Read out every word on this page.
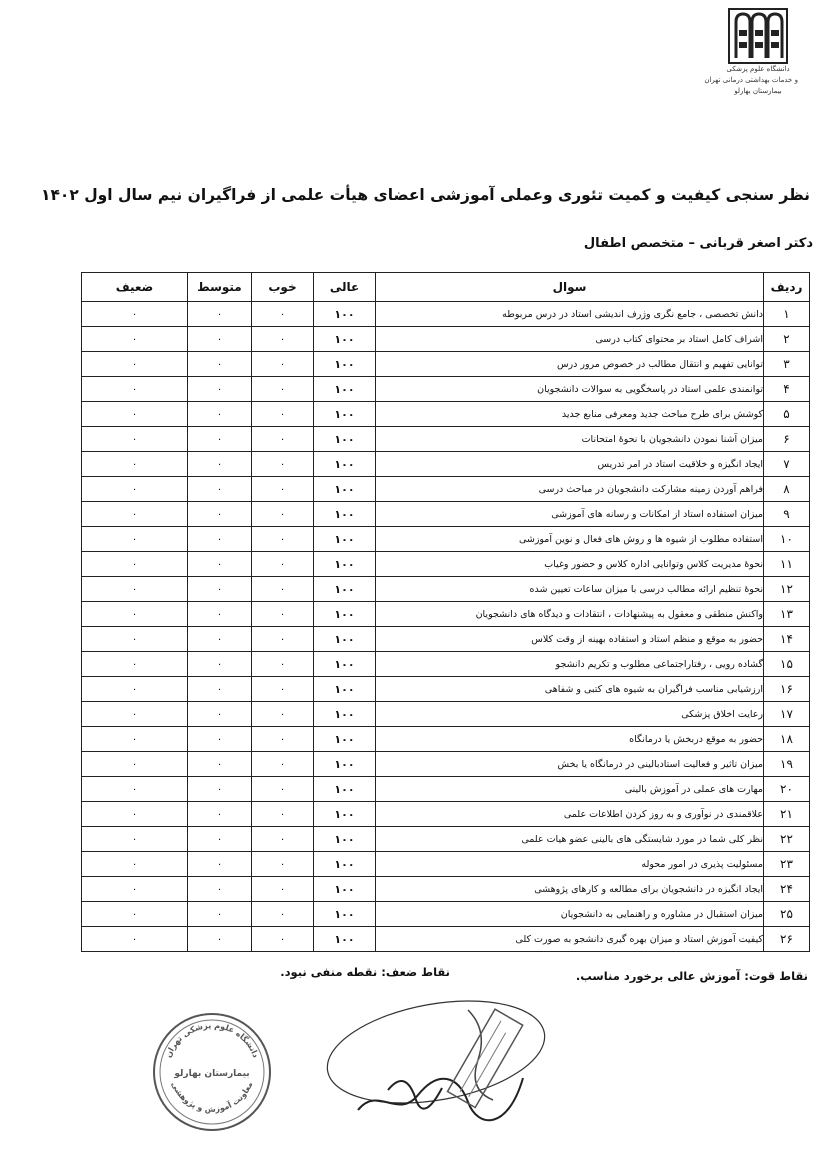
دانشگاه علوم پزشکی
و خدمات بهداشتی درمانی تهران
بیمارستان بهارلو
نظر سنجی کیفیت و کمیت تئوری وعملی آموزشی اعضای هیأت علمی از فراگیران نیم سال اول ۱۴۰۲
دکتر اصغر قربانی – متخصص اطفال
ردیف	سوال	عالی	خوب	متوسط	ضعیف
۱	دانش تخصصی ، جامع نگری وژرف اندیشی استاد در درس مربوطه	۱۰۰	۰	۰	۰
۲	اشراف کامل استاد بر محتوای کتاب درسی	۱۰۰	۰	۰	۰
۳	توانایی تفهیم و انتقال مطالب در خصوص مرور درس	۱۰۰	۰	۰	۰
۴	توانمندی علمی استاد در پاسخگویی به سوالات دانشجویان	۱۰۰	۰	۰	۰
۵	کوشش برای طرح مباحث جدید ومعرفی منابع جدید	۱۰۰	۰	۰	۰
۶	میزان آشنا نمودن دانشجویان با نحوۀ امتحانات	۱۰۰	۰	۰	۰
۷	ایجاد انگیزه و خلاقیت استاد در امر تدریس	۱۰۰	۰	۰	۰
۸	فراهم آوردن زمینه مشارکت دانشجویان در مباحث درسی	۱۰۰	۰	۰	۰
۹	میزان استفاده استاد از امکانات و رسانه های آموزشی	۱۰۰	۰	۰	۰
۱۰	استفاده مطلوب از شیوه ها و روش های فعال و نوین آموزشی	۱۰۰	۰	۰	۰
۱۱	نحوۀ مدیریت کلاس وتوانایی اداره کلاس و حضور وغیاب	۱۰۰	۰	۰	۰
۱۲	نحوۀ تنظیم ارائه مطالب درسی با میزان ساعات تعیین شده	۱۰۰	۰	۰	۰
۱۳	واکنش منطقی و معقول به پیشنهادات ، انتقادات و دیدگاه های دانشجویان	۱۰۰	۰	۰	۰
۱۴	حضور به موقع و منظم استاد و استفاده بهینه از وقت کلاس	۱۰۰	۰	۰	۰
۱۵	گشاده رویی ، رفتاراجتماعی مطلوب و تکریم دانشجو	۱۰۰	۰	۰	۰
۱۶	ارزشیابی مناسب فراگیران به شیوه های کتبی و شفاهی	۱۰۰	۰	۰	۰
۱۷	رعایت اخلاق پزشکی	۱۰۰	۰	۰	۰
۱۸	حضور به موقع دربخش یا درمانگاه	۱۰۰	۰	۰	۰
۱۹	میزان تاثیر و فعالیت استادبالینی در درمانگاه یا بخش	۱۰۰	۰	۰	۰
۲۰	مهارت های عملی در آموزش بالینی	۱۰۰	۰	۰	۰
۲۱	علاقمندی در نوآوری و به روز کردن اطلاعات علمی	۱۰۰	۰	۰	۰
۲۲	نظر کلی شما در مورد شایستگی های بالینی عضو هیات علمی	۱۰۰	۰	۰	۰
۲۳	مسئولیت پذیری در امور محوله	۱۰۰	۰	۰	۰
۲۴	ایجاد انگیزه در دانشجویان برای مطالعه و کارهای پژوهشی	۱۰۰	۰	۰	۰
۲۵	میزان استقبال در مشاوره و راهنمایی به دانشجویان	۱۰۰	۰	۰	۰
۲۶	کیفیت آموزش استاد و میزان بهره گیری دانشجو به صورت کلی	۱۰۰	۰	۰	۰
نقاط قوت: آموزش عالی برخورد مناسب.
نقاط ضعف: نقطه منفی نبود.
دانشگاه علوم پزشکی تهران
بیمارستان بهارلو
معاونت آموزش و پژوهشی
